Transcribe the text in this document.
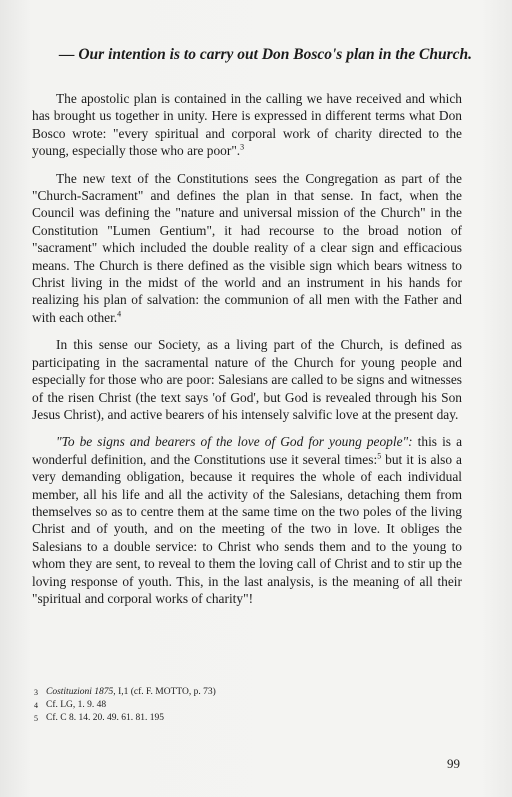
— Our intention is to carry out Don Bosco's plan in the Church.

The apostolic plan is contained in the calling we have received and which has brought us together in unity. Here is expressed in different terms what Don Bosco wrote: "every spiritual and corporal work of charity directed to the young, especially those who are poor".$^3$

The new text of the Constitutions sees the Congregation as part of the "Church-Sacrament" and defines the plan in that sense. In fact, when the Council was defining the "nature and universal mission of the Church" in the Constitution "Lumen Gentium", it had recourse to the broad notion of "sacrament" which included the double reality of a clear sign and efficacious means. The Church is there defined as the visible sign which bears witness to Christ living in the midst of the world and an instrument in his hands for realizing his plan of salvation: the communion of all men with the Father and with each other.$^4$

In this sense our Society, as a living part of the Church, is defined as participating in the sacramental nature of the Church for young people and especially for those who are poor: Salesians are called to be signs and witnesses of the risen Christ (the text says 'of God', but God is revealed through his Son Jesus Christ), and active bearers of his intensely salvific love at the present day.

"To be signs and bearers of the love of God for young people": this is a wonderful definition, and the Constitutions use it several times:$^5$ but it is also a very demanding obligation, because it requires the whole of each individual member, all his life and all the activity of the Salesians, detaching them from themselves so as to centre them at the same time on the two poles of the living Christ and of youth, and on the meeting of the two in love. It obliges the Salesians to a double service: to Christ who sends them and to the young to whom they are sent, to reveal to them the loving call of Christ and to stir up the loving response of youth. This, in the last analysis, is the meaning of all their "spiritual and corporal works of charity"!

3 Costituzioni 1875, I,1 (cf. F. MOTTO, p. 73)
4 Cf. LG, 1. 9. 48
5 Cf. C 8. 14. 20. 49. 61. 81. 195
99
